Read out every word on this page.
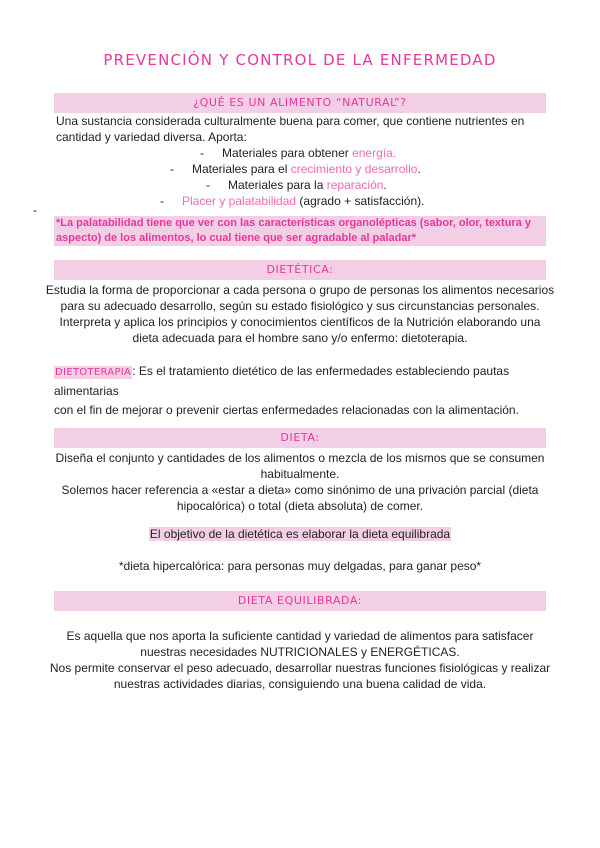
PREVENCIÓN Y CONTROL DE LA ENFERMEDAD
¿QUÉ ES UN ALIMENTO “NATURAL”?
Una sustancia considerada culturalmente buena para comer, que contiene nutrientes en
cantidad y variedad diversa. Aporta:
- Materiales para obtener energía.
- Materiales para el crecimiento y desarrollo.
- Materiales para la reparación.
- Placer y palatabilidad (agrado + satisfacción).
-
*La palatabilidad tiene que ver con las características organolépticas (sabor, olor, textura y
aspecto) de los alimentos, lo cual tiene que ser agradable al paladar*
DIETÉTICA:
Estudia la forma de proporcionar a cada persona o grupo de personas los alimentos necesarios
para su adecuado desarrollo, según su estado fisiológico y sus circunstancias personales.
Interpreta y aplica los principios y conocimientos científicos de la Nutrición elaborando una
dieta adecuada para el hombre sano y/o enfermo: dietoterapia.
DIETOTERAPIA: Es el tratamiento dietético de las enfermedades estableciendo pautas alimentarias
con el fin de mejorar o prevenir ciertas enfermedades relacionadas con la alimentación.
DIETA:
Diseña el conjunto y cantidades de los alimentos o mezcla de los mismos que se consumen
habitualmente.
Solemos hacer referencia a «estar a dieta» como sinónimo de una privación parcial (dieta
hipocalórica) o total (dieta absoluta) de comer.
El objetivo de la dietética es elaborar la dieta equilibrada
*dieta hipercalórica: para personas muy delgadas, para ganar peso*
DIETA EQUILIBRADA:
Es aquella que nos aporta la suficiente cantidad y variedad de alimentos para satisfacer
nuestras necesidades NUTRICIONALES y ENERGÉTICAS.
Nos permite conservar el peso adecuado, desarrollar nuestras funciones fisiológicas y realizar
nuestras actividades diarias, consiguiendo una buena calidad de vida.
